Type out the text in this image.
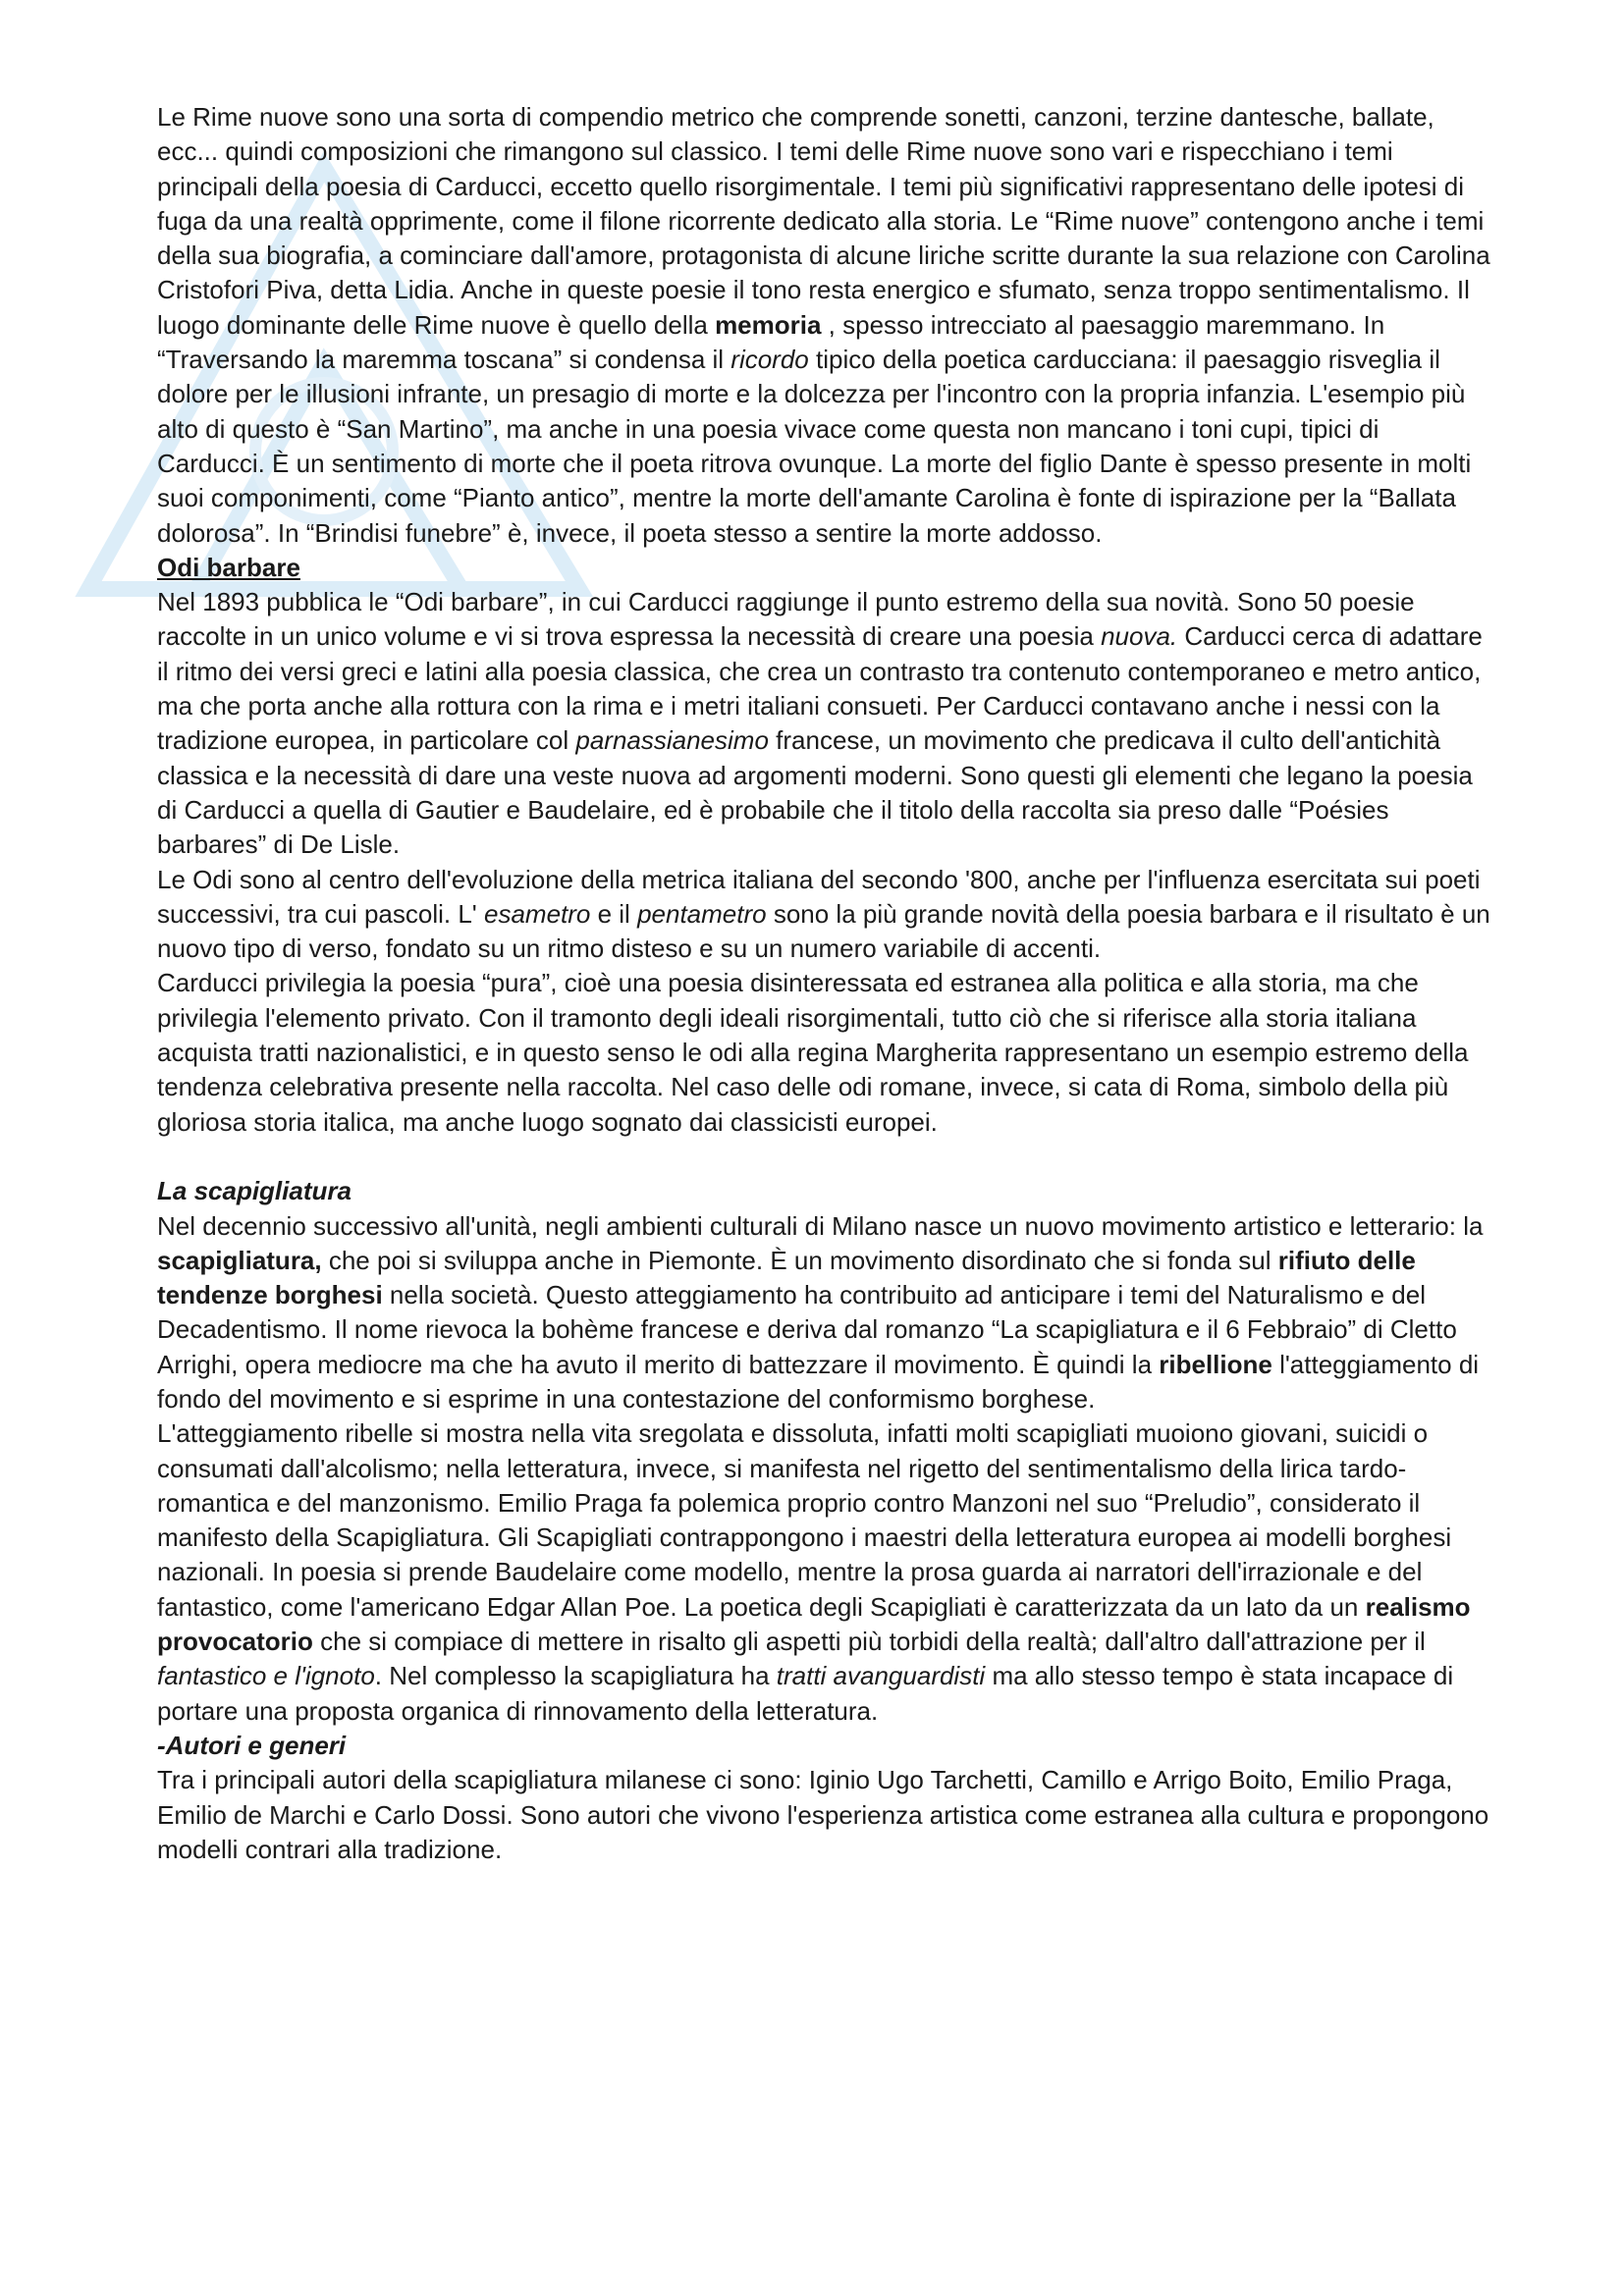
Le Rime nuove sono una sorta di compendio metrico che comprende sonetti, canzoni, terzine dantesche, ballate, ecc... quindi composizioni che rimangono sul classico. I temi delle Rime nuove sono vari e rispecchiano i temi principali della poesia di Carducci, eccetto quello risorgimentale. I temi più significativi rappresentano delle ipotesi di fuga da una realtà opprimente, come il filone ricorrente dedicato alla storia. Le “Rime nuove” contengono anche i temi della sua biografia, a cominciare dall'amore, protagonista di alcune liriche scritte durante la sua relazione con Carolina Cristofori Piva, detta Lidia. Anche in queste poesie il tono resta energico e sfumato, senza troppo sentimentalismo. Il luogo dominante delle Rime nuove è quello della memoria , spesso intrecciato al paesaggio maremmano. In “Traversando la maremma toscana” si condensa il ricordo tipico della poetica carducciana: il paesaggio risveglia il dolore per le illusioni infrante, un presagio di morte e la dolcezza per l'incontro con la propria infanzia. L'esempio più alto di questo è “San Martino”, ma anche in una poesia vivace come questa non mancano i toni cupi, tipici di Carducci. È un sentimento di morte che il poeta ritrova ovunque. La morte del figlio Dante è spesso presente in molti suoi componimenti, come “Pianto antico”, mentre la morte dell'amante Carolina è fonte di ispirazione per la “Ballata dolorosa”. In “Brindisi funebre” è, invece, il poeta stesso a sentire la morte addosso.

Odi barbare

Nel 1893 pubblica le “Odi barbare”, in cui Carducci raggiunge il punto estremo della sua novità. Sono 50 poesie raccolte in un unico volume e vi si trova espressa la necessità di creare una poesia nuova. Carducci cerca di adattare il ritmo dei versi greci e latini alla poesia classica, che crea un contrasto tra contenuto contemporaneo e metro antico, ma che porta anche alla rottura con la rima e i metri italiani consueti. Per Carducci contavano anche i nessi con la tradizione europea, in particolare col parnassianesimo francese, un movimento che predicava il culto dell'antichità classica e la necessità di dare una veste nuova ad argomenti moderni. Sono questi gli elementi che legano la poesia di Carducci a quella di Gautier e Baudelaire, ed è probabile che il titolo della raccolta sia preso dalle “Poésies barbares” di De Lisle.

Le Odi sono al centro dell'evoluzione della metrica italiana del secondo '800, anche per l'influenza esercitata sui poeti successivi, tra cui pascoli. L' esametro e il pentametro sono la più grande novità della poesia barbara e il risultato è un nuovo tipo di verso, fondato su un ritmo disteso e su un numero variabile di accenti.

Carducci privilegia la poesia “pura”, cioè una poesia disinteressata ed estranea alla politica e alla storia, ma che privilegia l'elemento privato. Con il tramonto degli ideali risorgimentali, tutto ciò che si riferisce alla storia italiana acquista tratti nazionalistici, e in questo senso le odi alla regina Margherita rappresentano un esempio estremo della tendenza celebrativa presente nella raccolta. Nel caso delle odi romane, invece, si cata di Roma, simbolo della più gloriosa storia italica, ma anche luogo sognato dai classicisti europei.

La scapigliatura

Nel decennio successivo all'unità, negli ambienti culturali di Milano nasce un nuovo movimento artistico e letterario: la scapigliatura, che poi si sviluppa anche in Piemonte. È un movimento disordinato che si fonda sul rifiuto delle tendenze borghesi nella società. Questo atteggiamento ha contribuito ad anticipare i temi del Naturalismo e del Decadentismo. Il nome rievoca la bohème francese e deriva dal romanzo “La scapigliatura e il 6 Febbraio” di Cletto Arrighi, opera mediocre ma che ha avuto il merito di battezzare il movimento. È quindi la ribellione l'atteggiamento di fondo del movimento e si esprime in una contestazione del conformismo borghese.

L'atteggiamento ribelle si mostra nella vita sregolata e dissoluta, infatti molti scapigliati muoiono giovani, suicidi o consumati dall'alcolismo; nella letteratura, invece, si manifesta nel rigetto del sentimentalismo della lirica tardo-romantica e del manzonismo. Emilio Praga fa polemica proprio contro Manzoni nel suo “Preludio”, considerato il manifesto della Scapigliatura. Gli Scapigliati contrappongono i maestri della letteratura europea ai modelli borghesi nazionali. In poesia si prende Baudelaire come modello, mentre la prosa guarda ai narratori dell'irrazionale e del fantastico, come l'americano Edgar Allan Poe. La poetica degli Scapigliati è caratterizzata da un lato da un realismo provocatorio che si compiace di mettere in risalto gli aspetti più torbidi della realtà; dall'altro dall'attrazione per il fantastico e l'ignoto. Nel complesso la scapigliatura ha tratti avanguardisti ma allo stesso tempo è stata incapace di portare una proposta organica di rinnovamento della letteratura.

-Autori e generi

Tra i principali autori della scapigliatura milanese ci sono: Iginio Ugo Tarchetti, Camillo e Arrigo Boito, Emilio Praga, Emilio de Marchi e Carlo Dossi. Sono autori che vivono l'esperienza artistica come estranea alla cultura e propongono modelli contrari alla tradizione.
